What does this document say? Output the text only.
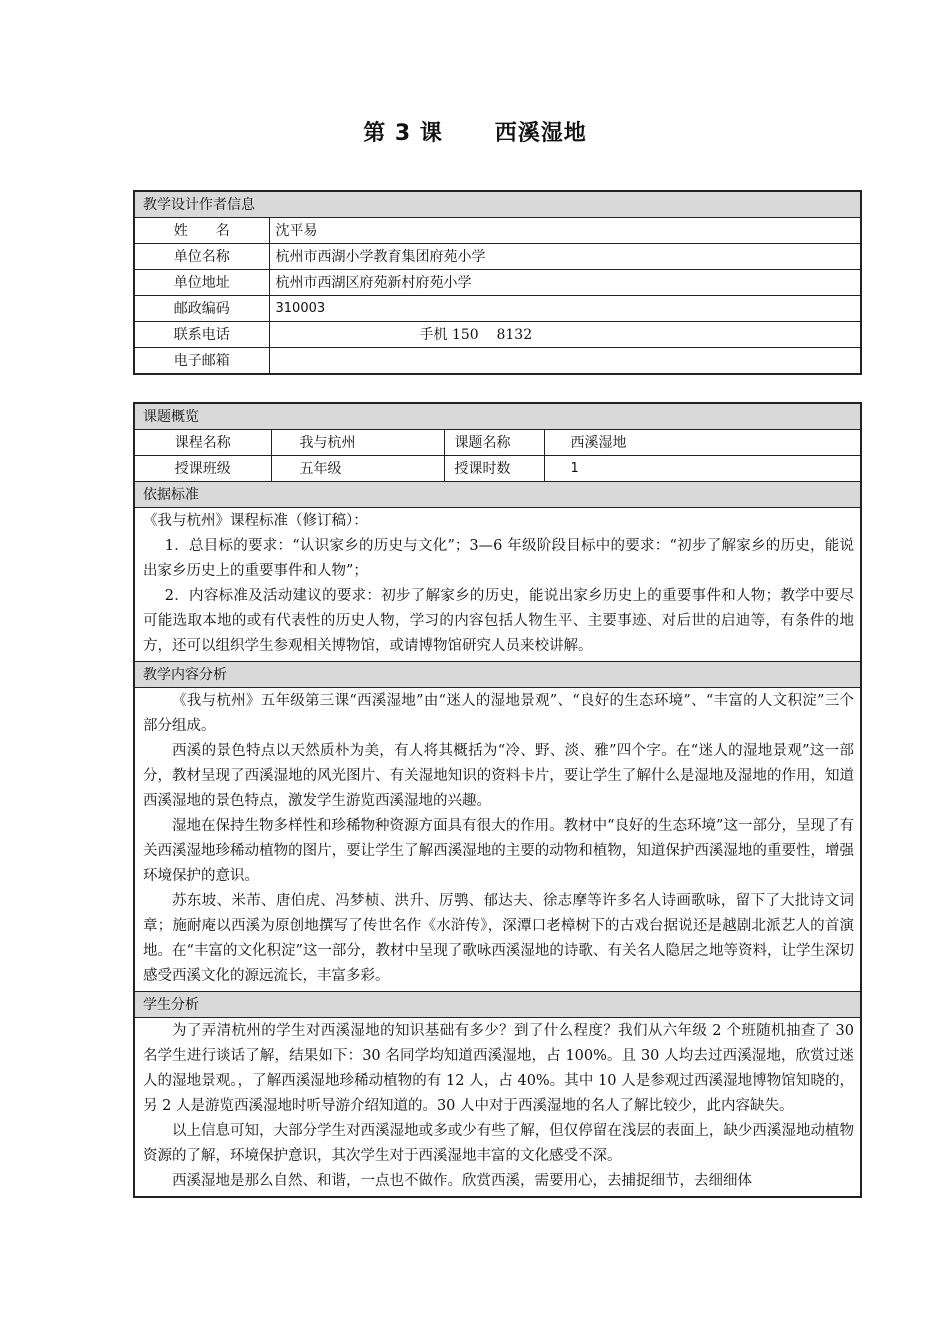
第 3 课      西溪湿地
教学设计作者信息	
姓　　名	沈平易
单位名称	杭州市西湖小学教育集团府苑小学
单位地址	杭州市西湖区府苑新村府苑小学
邮政编码	310003
联系电话	手机 150    8132
电子邮箱	
课题概览			
课程名称	我与杭州	课题名称	西溪湿地
授课班级	五年级	授课时数	1
依据标准			

《我与杭州》课程标准（修订稿）：

1．总目标的要求：“认识家乡的历史与文化”；3—6 年级阶段目标中的要求：“初步了解家乡的历史，能说出家乡历史上的重要事件和人物”；

2．内容标准及活动建议的要求：初步了解家乡的历史，能说出家乡历史上的重要事件和人物；教学中要尽可能选取本地的或有代表性的历史人物，学习的内容包括人物生平、主要事迹、对后世的启迪等，有条件的地方，还可以组织学生参观相关博物馆，或请博物馆研究人员来校讲解。			

教学内容分析			

《我与杭州》五年级第三课“西溪湿地”由“迷人的湿地景观”、“良好的生态环境”、“丰富的人文积淀”三个部分组成。

西溪的景色特点以天然质朴为美，有人将其概括为“冷、野、淡、雅”四个字。在“迷人的湿地景观”这一部分，教材呈现了西溪湿地的风光图片、有关湿地知识的资料卡片，要让学生了解什么是湿地及湿地的作用，知道西溪湿地的景色特点，激发学生游览西溪湿地的兴趣。

湿地在保持生物多样性和珍稀物种资源方面具有很大的作用。教材中“良好的生态环境”这一部分，呈现了有关西溪湿地珍稀动植物的图片，要让学生了解西溪湿地的主要的动物和植物，知道保护西溪湿地的重要性，增强环境保护的意识。

苏东坡、米芾、唐伯虎、冯梦桢、洪升、厉鹗、郁达夫、徐志摩等许多名人诗画歌咏，留下了大批诗文词章；施耐庵以西溪为原创地撰写了传世名作《水浒传》，深潭口老樟树下的古戏台据说还是越剧北派艺人的首演地。在“丰富的文化积淀”这一部分，教材中呈现了歌咏西溪湿地的诗歌、有关名人隐居之地等资料，让学生深切感受西溪文化的源远流长，丰富多彩。			

学生分析			

为了弄清杭州的学生对西溪湿地的知识基础有多少？到了什么程度？我们从六年级 2 个班随机抽查了 30 名学生进行谈话了解，结果如下：30 名同学均知道西溪湿地，占 100%。且 30 人均去过西溪湿地，欣赏过迷人的湿地景观。，了解西溪湿地珍稀动植物的有 12 人，占 40%。其中 10 人是参观过西溪湿地博物馆知晓的，另 2 人是游览西溪湿地时听导游介绍知道的。30 人中对于西溪湿地的名人了解比较少，此内容缺失。

以上信息可知，大部分学生对西溪湿地或多或少有些了解，但仅停留在浅层的表面上，缺少西溪湿地动植物资源的了解，环境保护意识，其次学生对于西溪湿地丰富的文化感受不深。

西溪湿地是那么自然、和谐，一点也不做作。欣赏西溪，需要用心，去捕捉细节，去细细体			
